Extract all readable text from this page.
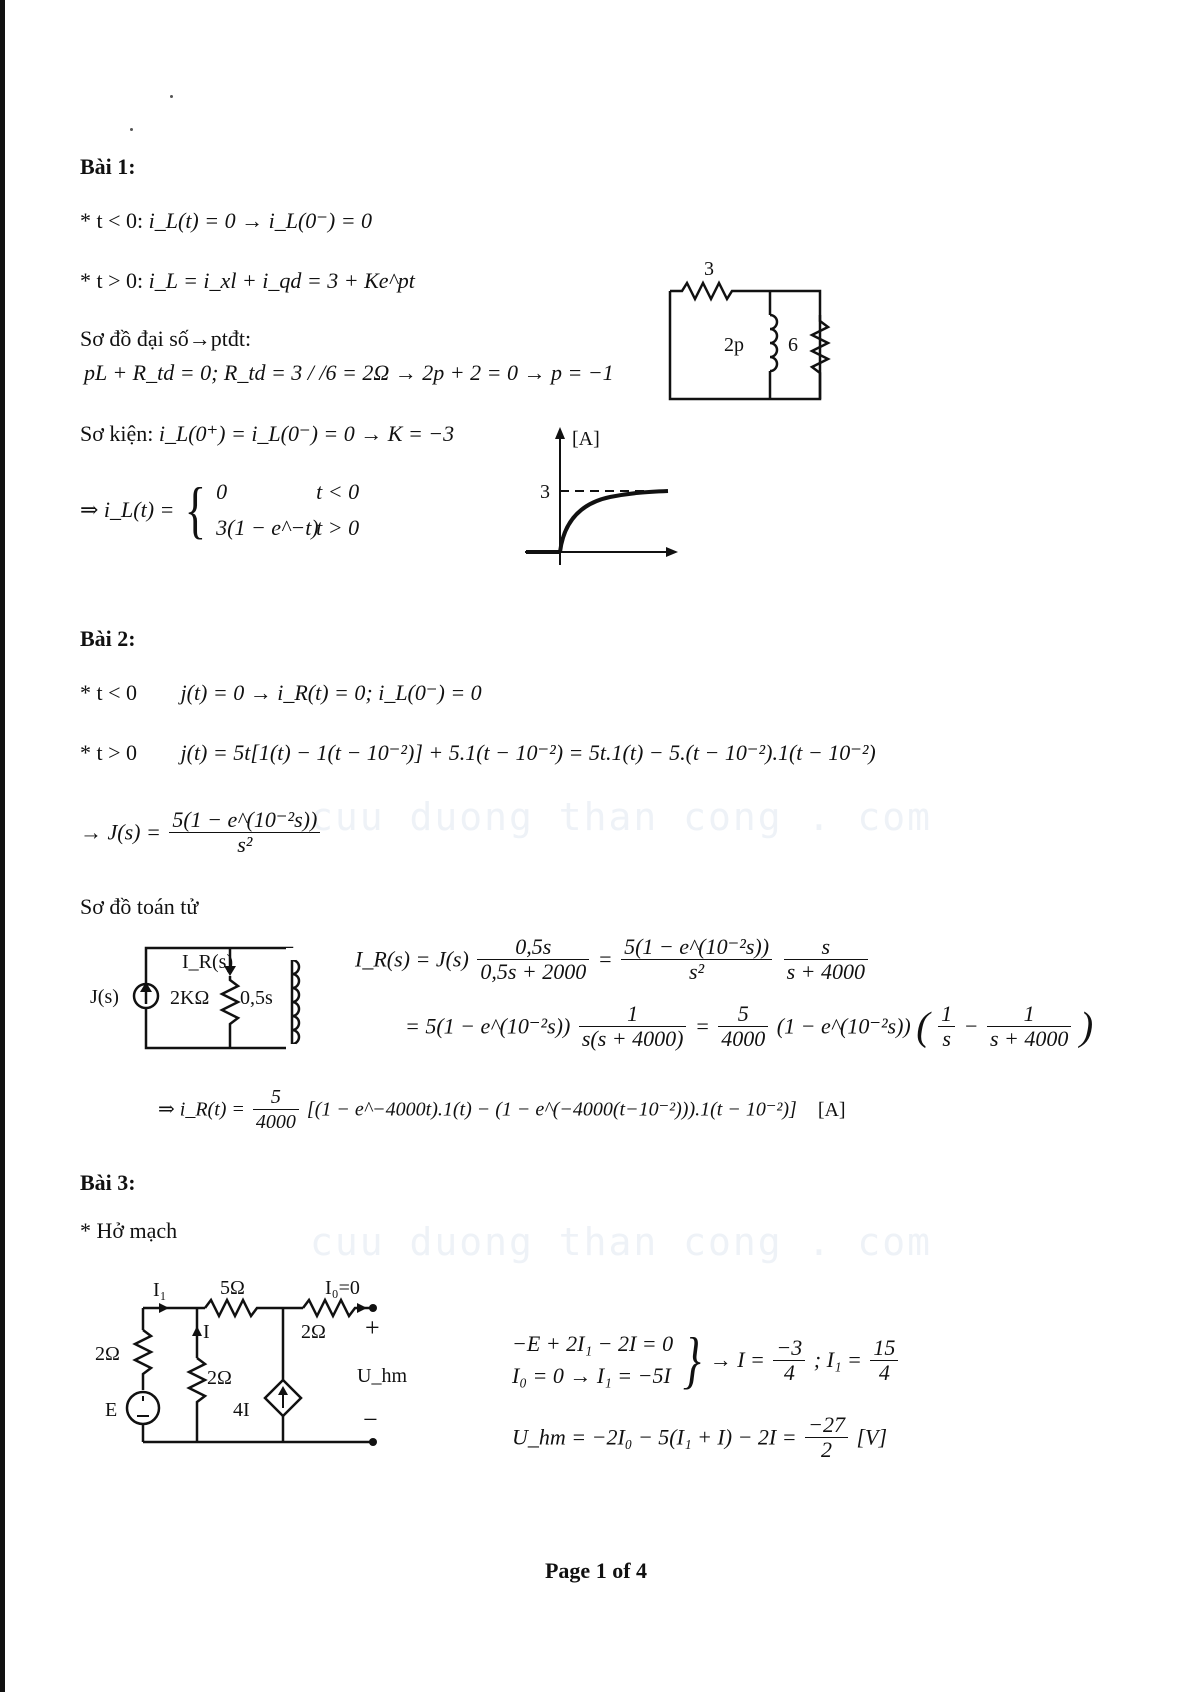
cuu duong than cong . com
cuu duong than cong . com
Bài 1:
* t < 0: i_L(t) = 0 → i_L(0⁻) = 0
* t > 0: i_L = i_xl + i_qd = 3 + Ke^pt
Sơ đồ đại số→ptđt:
pL + R_td = 0; R_td = 3 / /6 = 2Ω → 2p + 2 = 0 → p = −1
Sơ kiện: i_L(0⁺) = i_L(0⁻) = 0 → K = −3
⇒ i_L(t) = { 0	t < 0
3(1 − e^−t)t > 0
3
2p 6
[A]
3
Bài 2:
* t < 0 j(t) = 0 → i_R(t) = 0; i_L(0⁻) = 0
* t > 0 j(t) = 5t[1(t) − 1(t − 10⁻²)] + 5.1(t − 10⁻²) = 5t.1(t) − 5.(t − 10⁻²).1(t − 10⁻²)
→ $J(s) = \frac{\text{5(1 − e\textasciicircum{}(10⁻²s))}}{\text{s²}}$
Sơ đồ toán tử
J(s)
I_R(s)
2KΩ 0,5s
I_R(s) = $J(s) \frac{0,5s}{0,5s + 2000} = \frac{\text{5(1 − e\textasciicircum{}(10⁻²s))}}{\text{s²}}$
$\frac{s}{s + 4000}$
= 5(1 − e^(10⁻²s)) $\frac{1}{s(s + 4000)} = \frac{5}{4000} (1$ − e^(10⁻²s)) ( $\frac{1}{s} - \frac{1}{s + 4000}$ )
⇒ i_R(t) = $\frac{5}{4000} [(1$ − e^−4000t).1(t) − (1 − e^(−4000(t−10⁻²))).1(t − 10⁻²)] [A]
Bài 3:
* Hở mạch
I₁	5Ω	I₀=0
2Ω +
2Ω
I
2Ω	U_hm
E	4I	−
−E + 2I₁ − 2I = 0
I₀ = 0 → I₁ = −5I } → $I = \frac{-3}{4}$ ; $I_1 = \frac{15}{4}$
U_hm = $-2I_0 - 5(I_1 + I) - 2I = \frac{-27}{2} [V]$
Page 1 of 4
